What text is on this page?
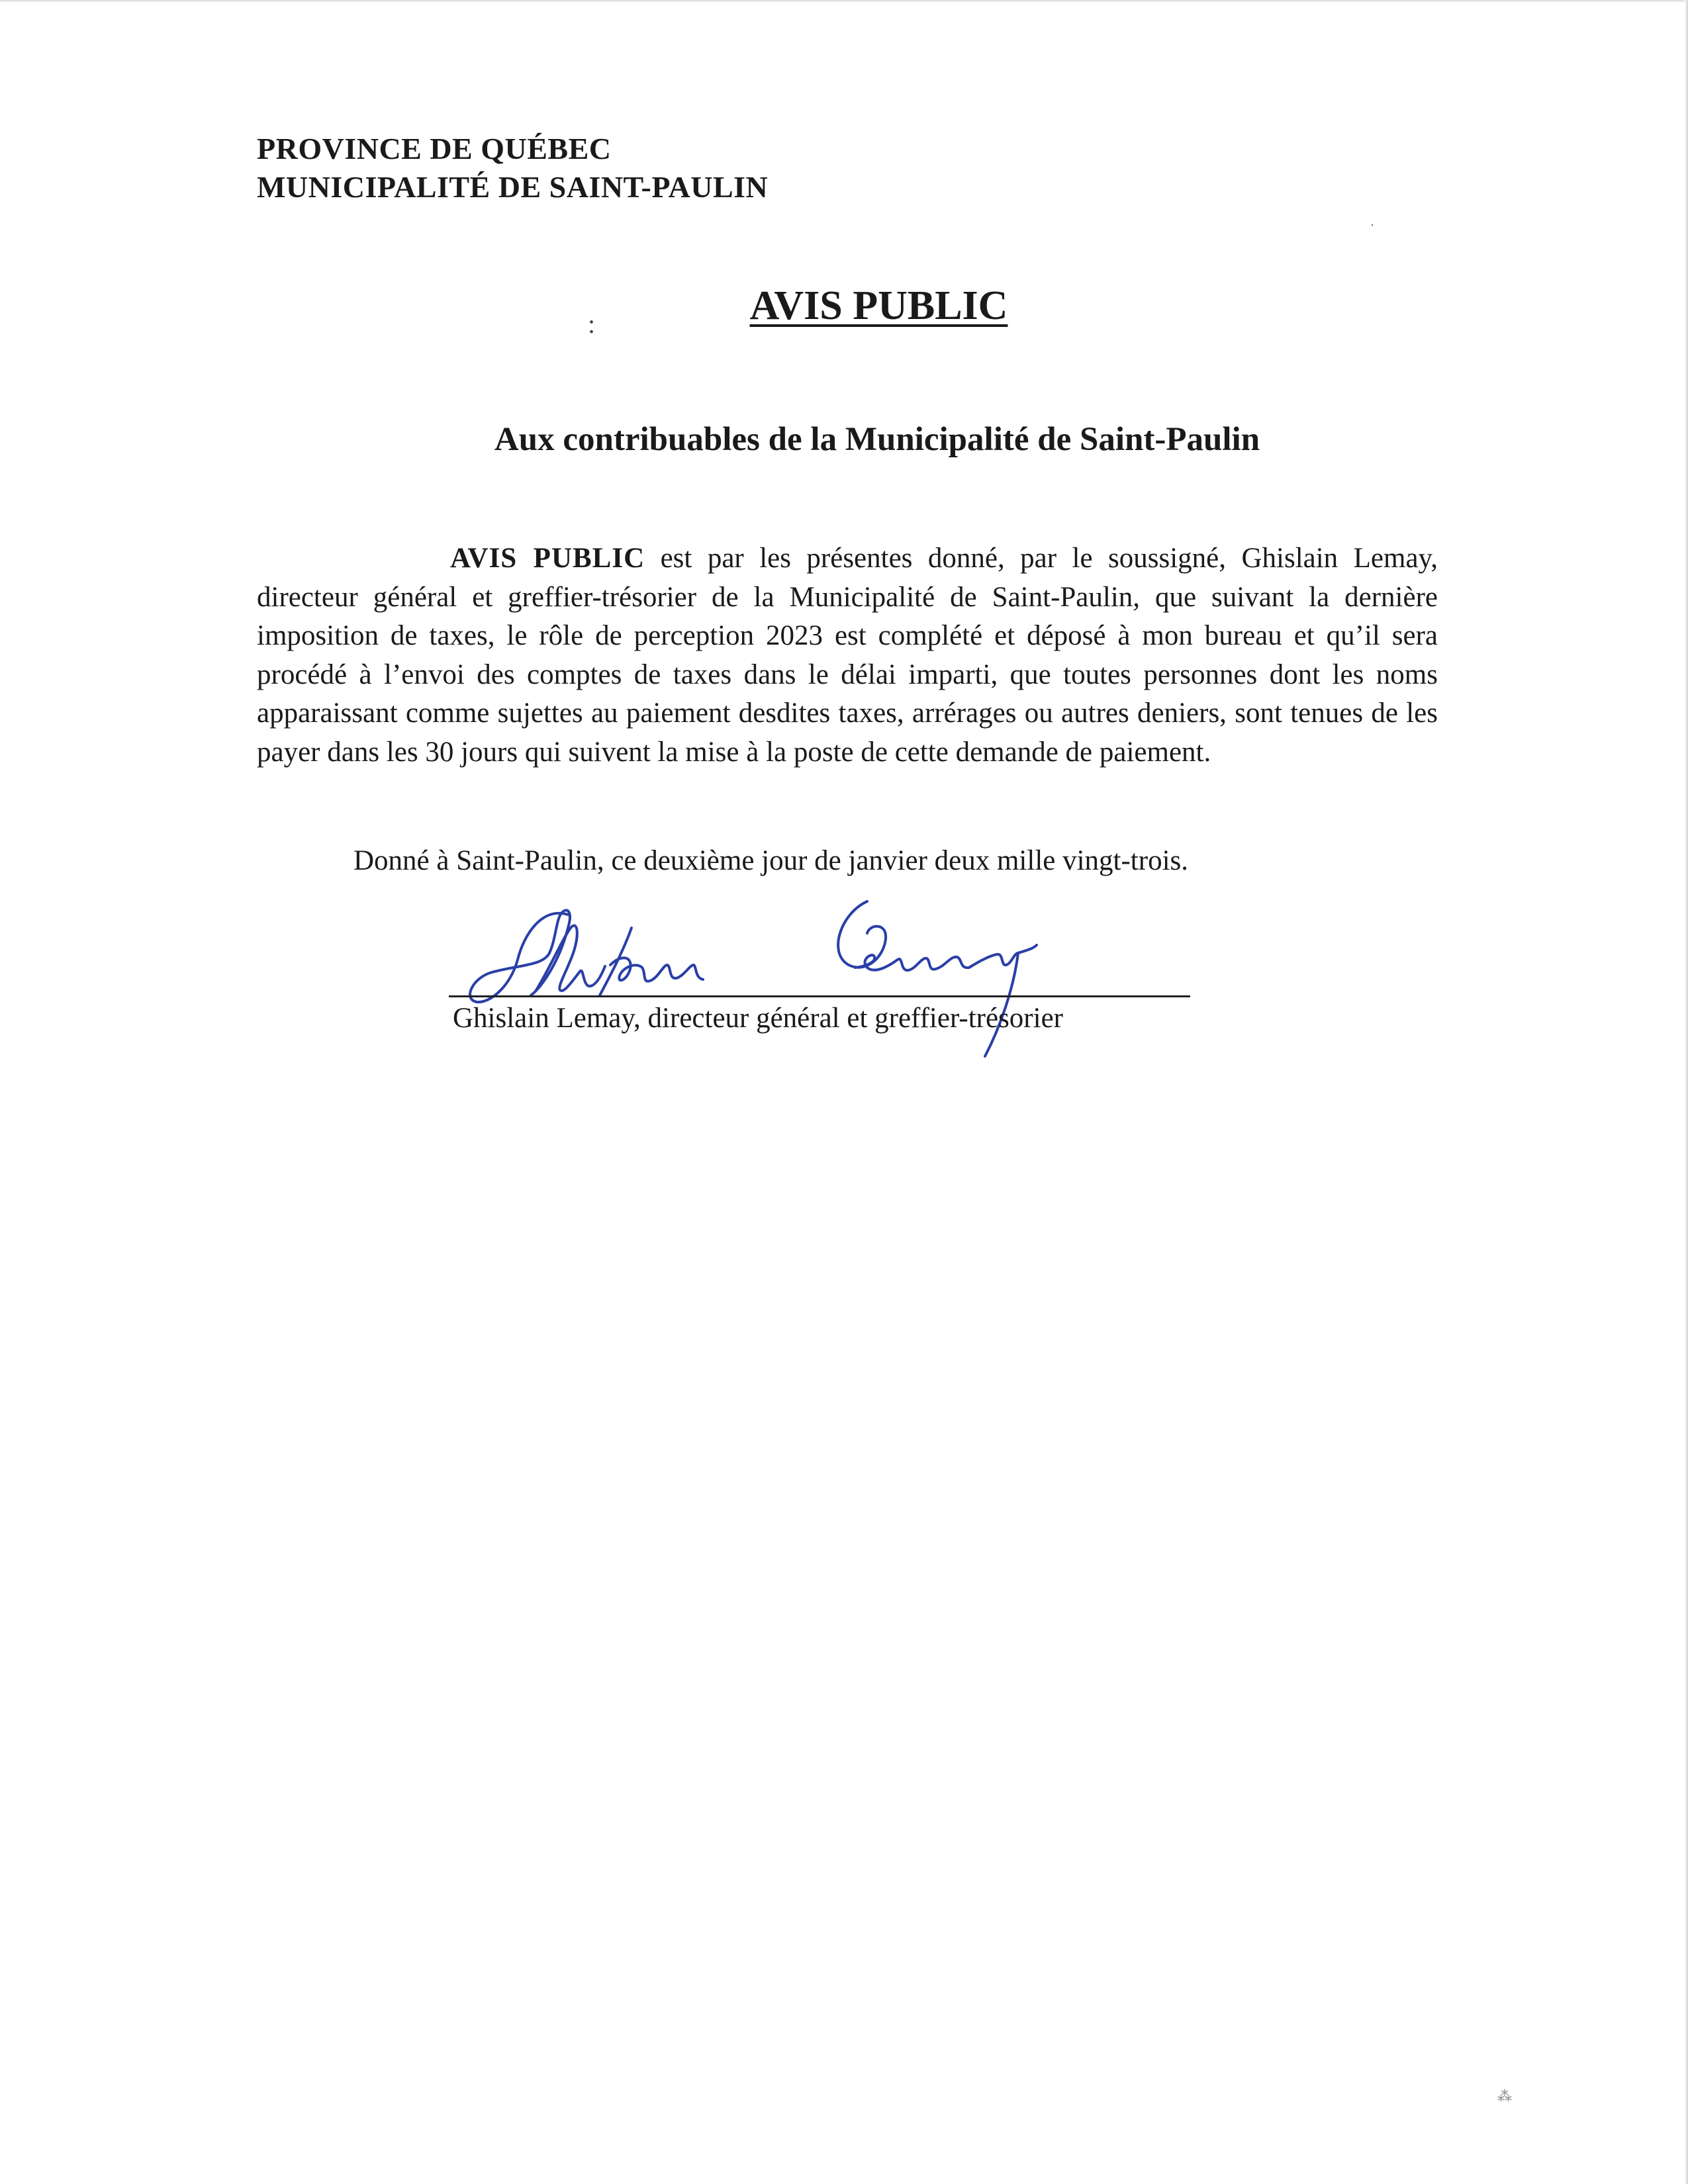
PROVINCE DE QUÉBEC
MUNICIPALITÉ DE SAINT-PAULIN
:	AVIS PUBLIC
Aux contribuables de la Municipalité de Saint-Paulin

AVIS PUBLIC est par les présentes donné, par le soussigné, Ghislain Lemay, directeur général et greffier-trésorier de la Municipalité de Saint-Paulin, que suivant la dernière imposition de taxes, le rôle de perception 2023 est complété et déposé à mon bureau et qu’il sera procédé à l’envoi des comptes de taxes dans le délai imparti, que toutes personnes dont les noms apparaissant comme sujettes au paiement desdites taxes, arrérages ou autres deniers, sont tenues de les payer dans les 30 jours qui suivent la mise à la poste de cette demande de paiement.

Donné à Saint-Paulin, ce deuxième jour de janvier deux mille vingt-trois.
Ghislain Lemay, directeur général et greffier-trésorier
·
⁂
